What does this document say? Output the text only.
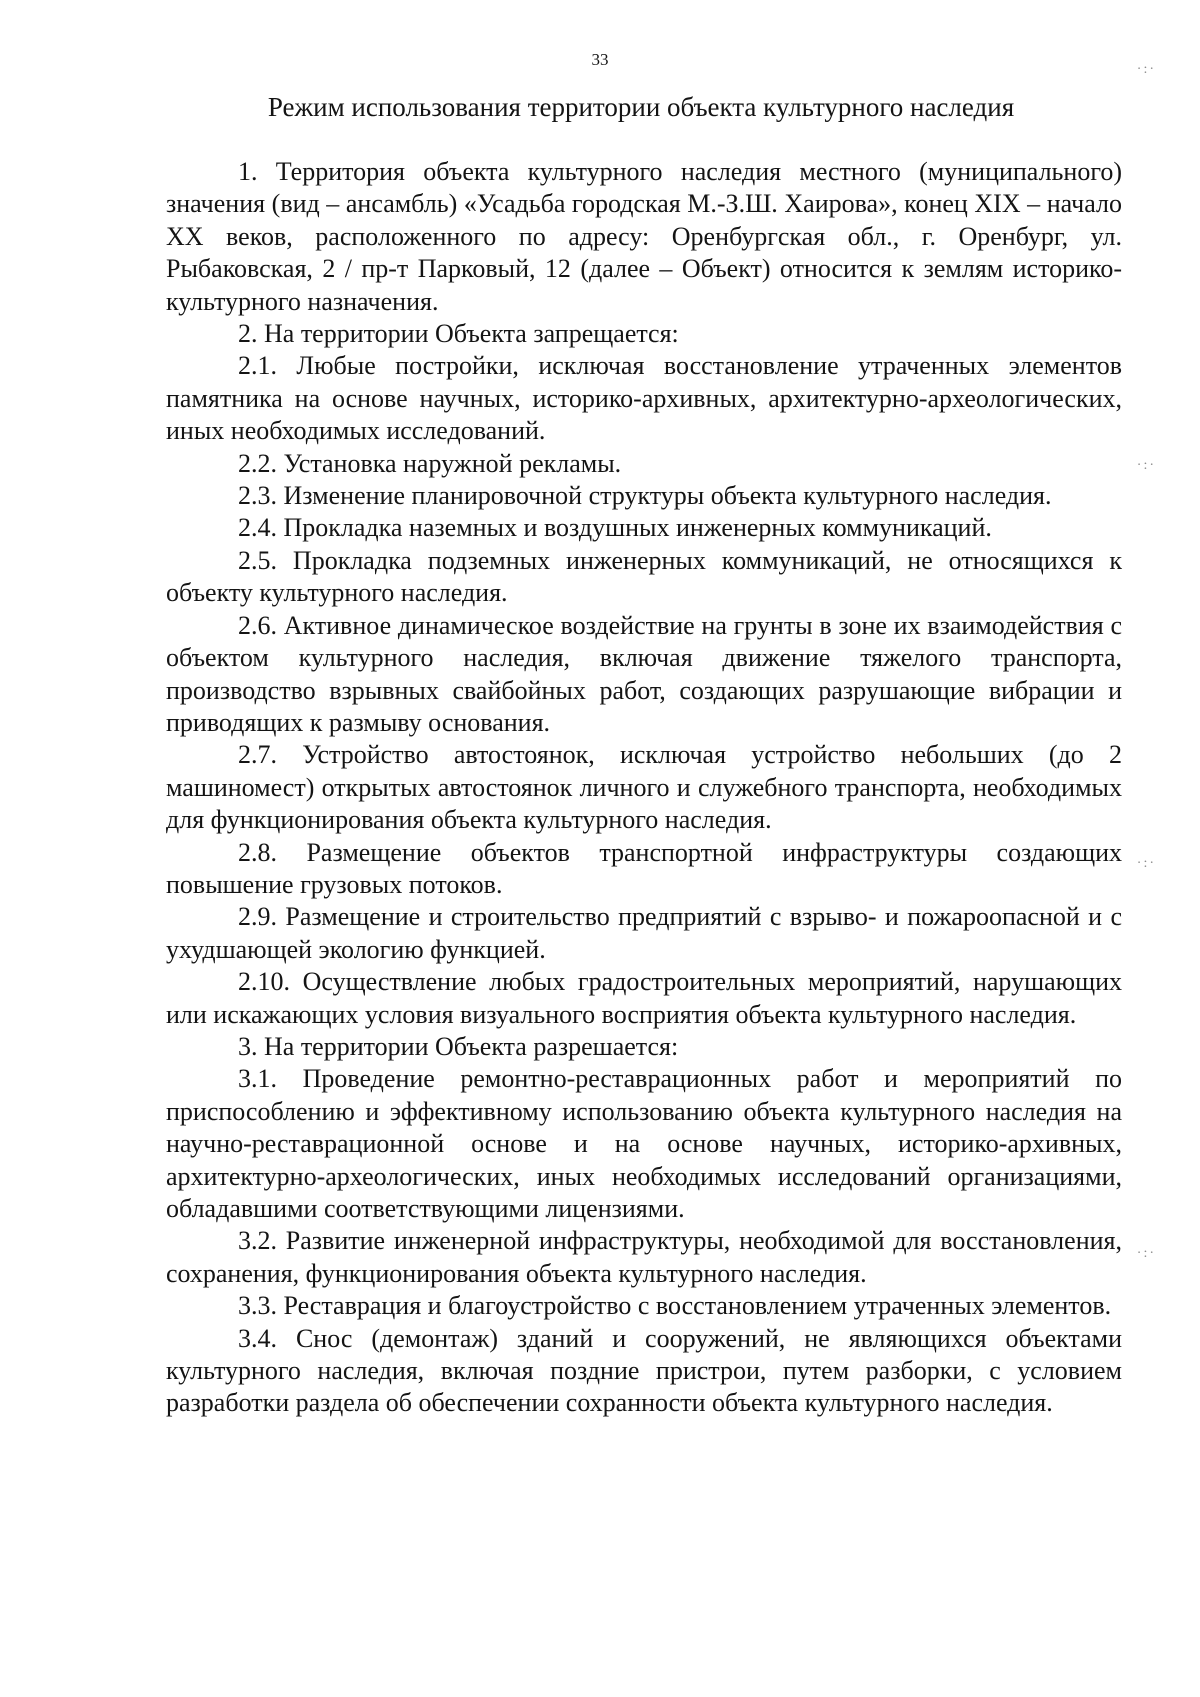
33
Режим использования территории объекта культурного наследия

1. Территория объекта культурного наследия местного (муниципального) значения (вид – ансамбль) «Усадьба городская М.-З.Ш. Хаирова», конец XIX – начало XX веков, расположенного по адресу: Оренбургская обл., г. Оренбург, ул. Рыбаковская, 2 / пр-т Парковый, 12 (далее – Объект) относится к землям историко-культурного назначения.

2. На территории Объекта запрещается:

2.1. Любые постройки, исключая восстановление утраченных элементов памятника на основе научных, историко-архивных, архитектурно-археологических, иных необходимых исследований.

2.2. Установка наружной рекламы.

2.3. Изменение планировочной структуры объекта культурного наследия.

2.4. Прокладка наземных и воздушных инженерных коммуникаций.

2.5. Прокладка подземных инженерных коммуникаций, не относящихся к объекту культурного наследия.

2.6. Активное динамическое воздействие на грунты в зоне их взаимодействия с объектом культурного наследия, включая движение тяжелого транспорта, производство взрывных свайбойных работ, создающих разрушающие вибрации и приводящих к размыву основания.

2.7. Устройство автостоянок, исключая устройство небольших (до 2 машиномест) открытых автостоянок личного и служебного транспорта, необходимых для функционирования объекта культурного наследия.

2.8. Размещение объектов транспортной инфраструктуры создающих повышение грузовых потоков.

2.9. Размещение и строительство предприятий с взрыво- и пожароопасной и с ухудшающей экологию функцией.

2.10. Осуществление любых градостроительных мероприятий, нарушающих или искажающих условия визуального восприятия объекта культурного наследия.

3. На территории Объекта разрешается:

3.1. Проведение ремонтно-реставрационных работ и мероприятий по приспособлению и эффективному использованию объекта культурного наследия на научно-реставрационной основе и на основе научных, историко-архивных, архитектурно-археологических, иных необходимых исследований организациями, обладавшими соответствующими лицензиями.

3.2. Развитие инженерной инфраструктуры, необходимой для восстановления, сохранения, функционирования объекта культурного наследия.

3.3. Реставрация и благоустройство с восстановлением утраченных элементов.

3.4. Снос (демонтаж) зданий и сооружений, не являющихся объектами культурного наследия, включая поздние пристрои, путем разборки, с условием разработки раздела об обеспечении сохранности объекта культурного наследия.

·:·
·:·
·:·
·:·
